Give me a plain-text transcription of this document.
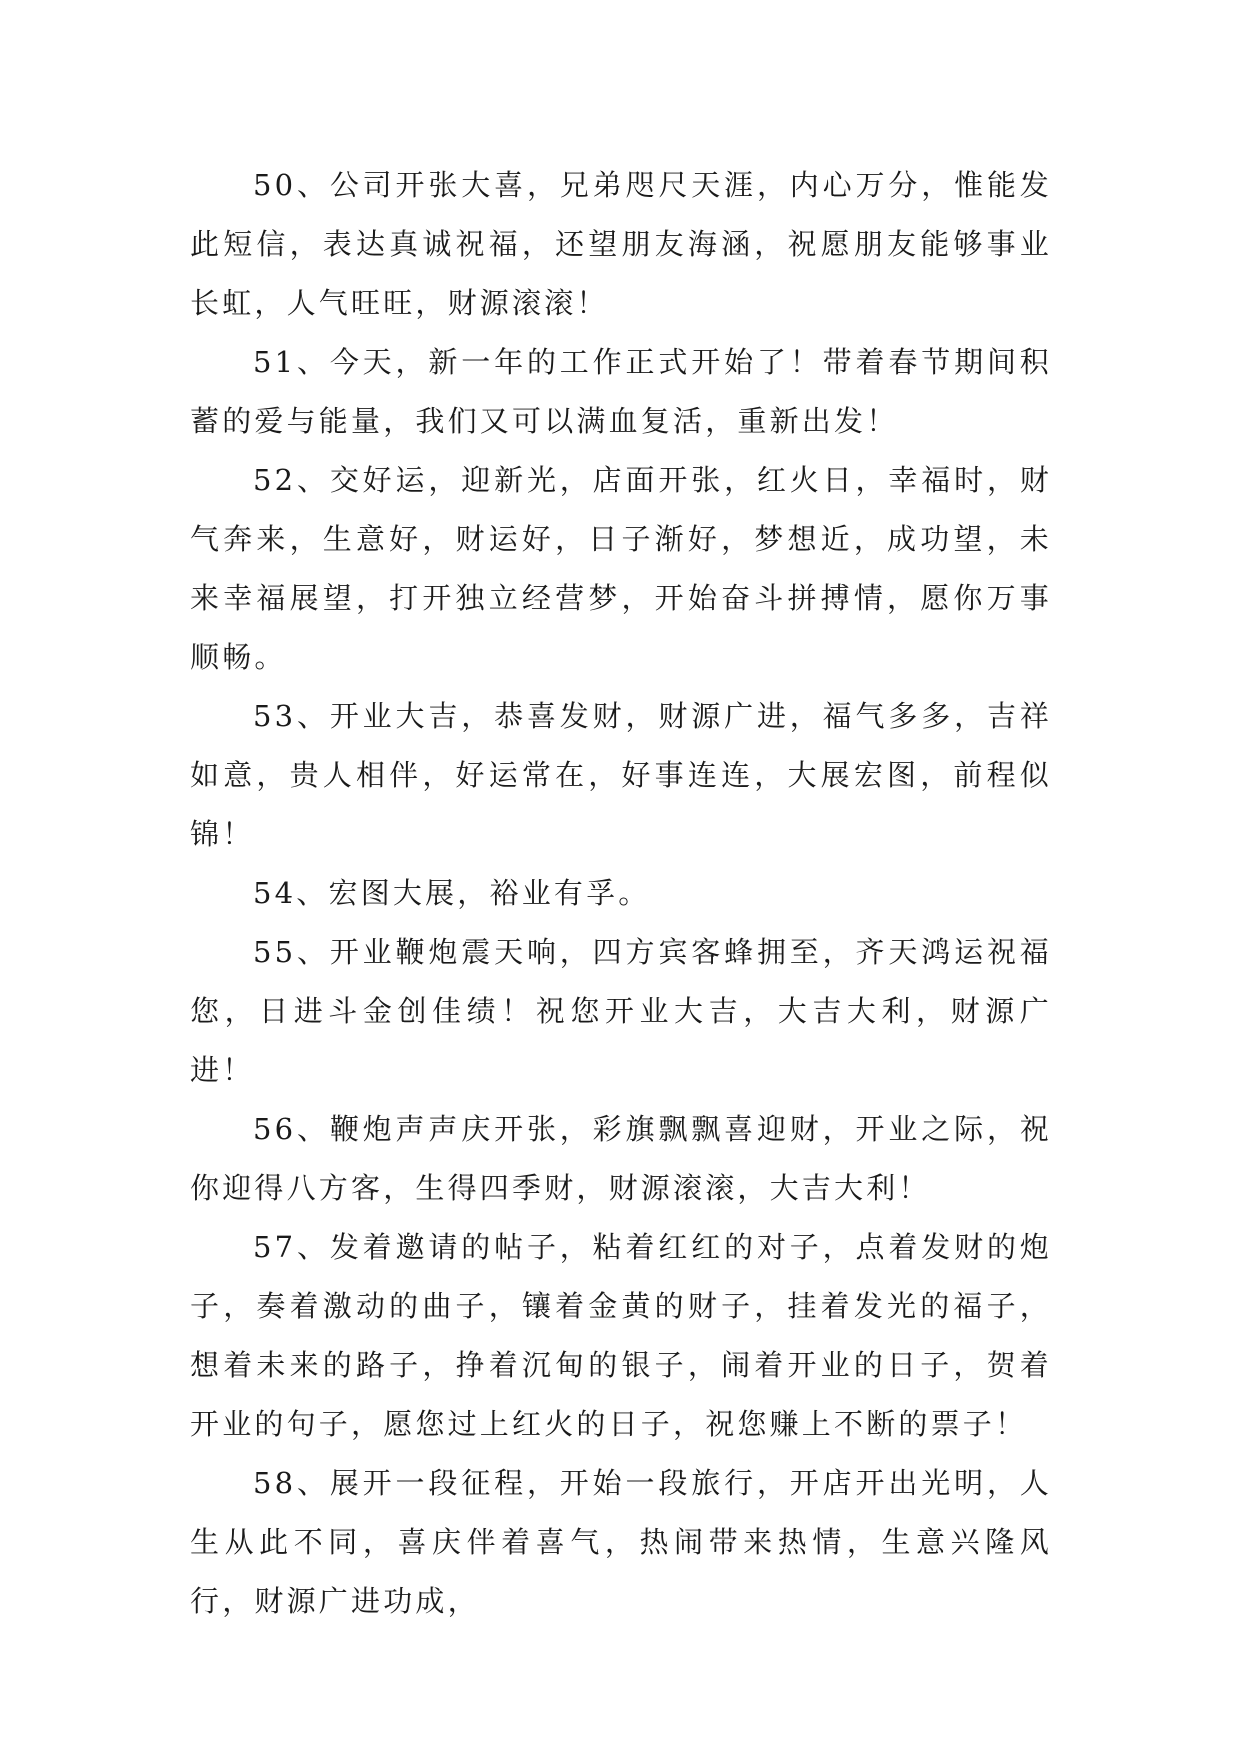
50、公司开张大喜，兄弟咫尺天涯，内心万分，惟能发此短信，表达真诚祝福，还望朋友海涵，祝愿朋友能够事业长虹，人气旺旺，财源滚滚！

51、今天，新一年的工作正式开始了！带着春节期间积蓄的爱与能量，我们又可以满血复活，重新出发！

52、交好运，迎新光，店面开张，红火日，幸福时，财气奔来，生意好，财运好，日子渐好，梦想近，成功望，未来幸福展望，打开独立经营梦，开始奋斗拼搏情，愿你万事顺畅。

53、开业大吉，恭喜发财，财源广进，福气多多，吉祥如意，贵人相伴，好运常在，好事连连，大展宏图，前程似锦！

54、宏图大展，裕业有孚。

55、开业鞭炮震天响，四方宾客蜂拥至，齐天鸿运祝福您，日进斗金创佳绩！祝您开业大吉，大吉大利，财源广进！

56、鞭炮声声庆开张，彩旗飘飘喜迎财，开业之际，祝你迎得八方客，生得四季财，财源滚滚，大吉大利！

57、发着邀请的帖子，粘着红红的对子，点着发财的炮子，奏着激动的曲子，镶着金黄的财子，挂着发光的福子，想着未来的路子，挣着沉甸的银子，闹着开业的日子，贺着开业的句子，愿您过上红火的日子，祝您赚上不断的票子！

58、展开一段征程，开始一段旅行，开店开出光明，人生从此不同，喜庆伴着喜气，热闹带来热情，生意兴隆风行，财源广进功成，
